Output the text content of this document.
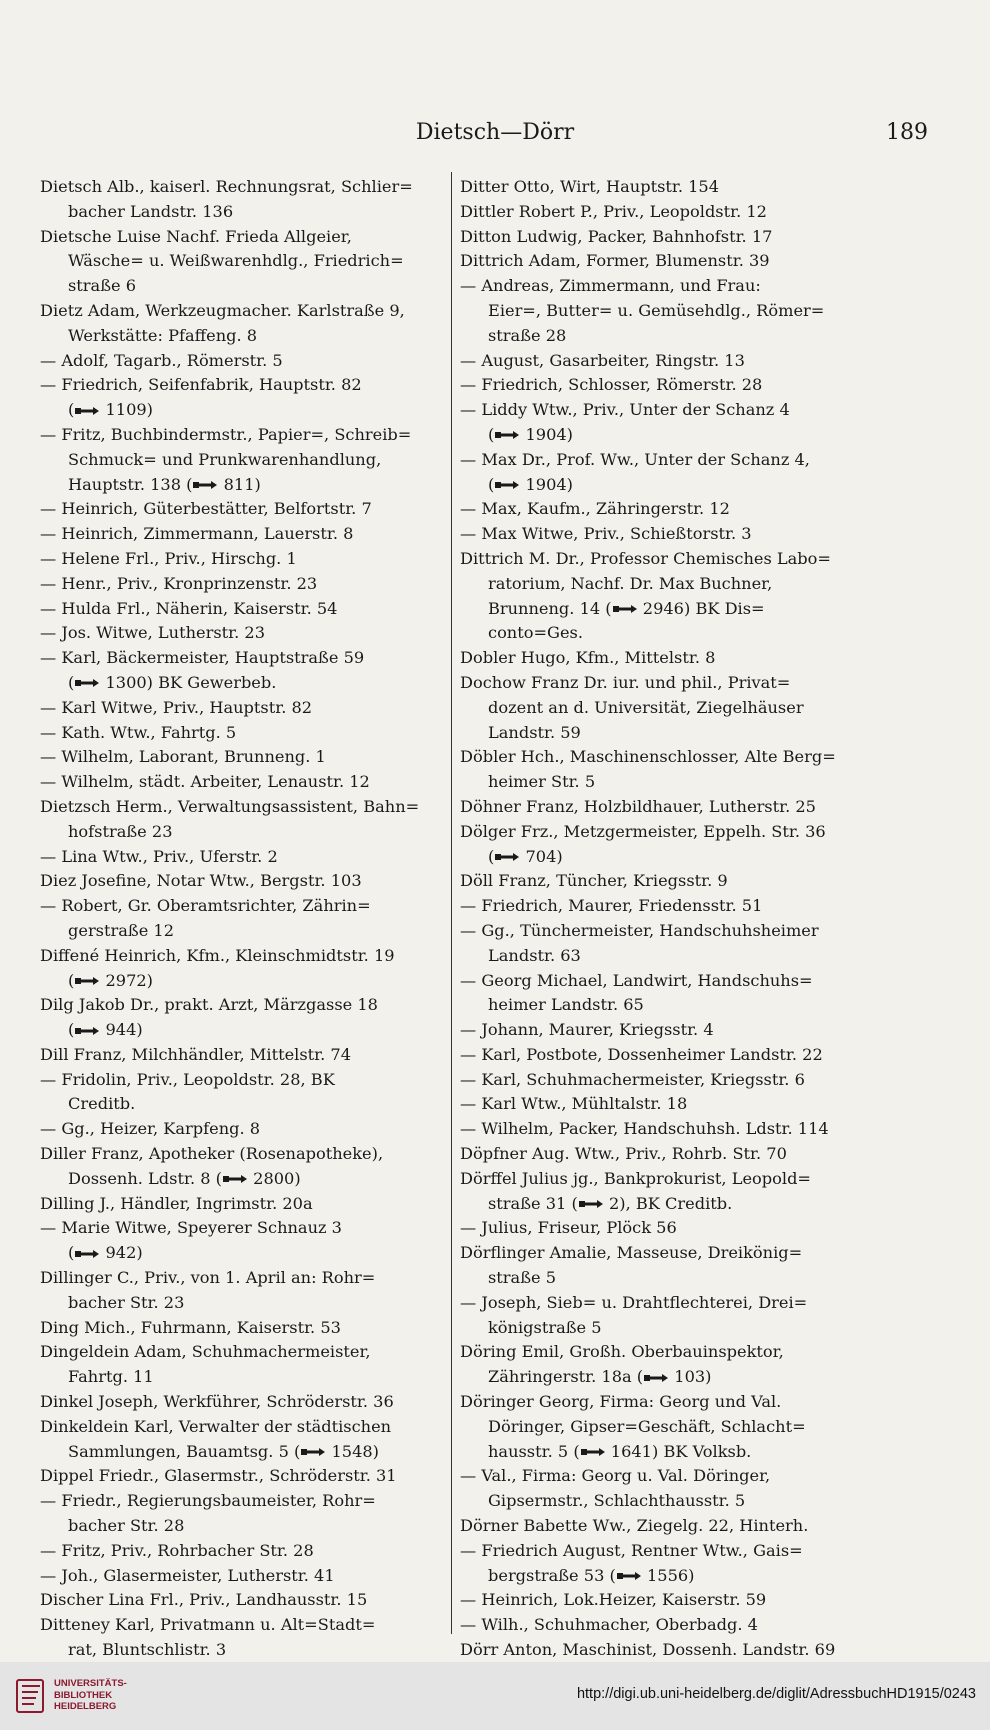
Dietsch—Dörr	189
Dietsch Alb., kaiserl. Rechnungsrat, Schlier=
bacher Landstr. 136
Dietsche Luise Nachf. Frieda Allgeier,
Wäsche= u. Weißwarenhdlg., Friedrich=
straße 6
Dietz Adam, Werkzeugmacher. Karlstraße 9,
Werkstätte: Pfaffeng. 8
— Adolf, Tagarb., Römerstr. 5
— Friedrich, Seifenfabrik, Hauptstr. 82
( 1109)
— Fritz, Buchbindermstr., Papier=, Schreib=
Schmuck= und Prunkwarenhandlung,
Hauptstr. 138 ( 811)
— Heinrich, Güterbestätter, Belfortstr. 7
— Heinrich, Zimmermann, Lauerstr. 8
— Helene Frl., Priv., Hirschg. 1
— Henr., Priv., Kronprinzenstr. 23
— Hulda Frl., Näherin, Kaiserstr. 54
— Jos. Witwe, Lutherstr. 23
— Karl, Bäckermeister, Hauptstraße 59
( 1300) BK Gewerbeb.
— Karl Witwe, Priv., Hauptstr. 82
— Kath. Wtw., Fahrtg. 5
— Wilhelm, Laborant, Brunneng. 1
— Wilhelm, städt. Arbeiter, Lenaustr. 12
Dietzsch Herm., Verwaltungsassistent, Bahn=
hofstraße 23
— Lina Wtw., Priv., Uferstr. 2
Diez Josefine, Notar Wtw., Bergstr. 103
— Robert, Gr. Oberamtsrichter, Zährin=
gerstraße 12
Diffené Heinrich, Kfm., Kleinschmidtstr. 19
( 2972)
Dilg Jakob Dr., prakt. Arzt, Märzgasse 18
( 944)
Dill Franz, Milchhändler, Mittelstr. 74
— Fridolin, Priv., Leopoldstr. 28, BK
Creditb.
— Gg., Heizer, Karpfeng. 8
Diller Franz, Apotheker (Rosenapotheke),
Dossenh. Ldstr. 8 ( 2800)
Dilling J., Händler, Ingrimstr. 20a
— Marie Witwe, Speyerer Schnauz 3
( 942)
Dillinger C., Priv., von 1. April an: Rohr=
bacher Str. 23
Ding Mich., Fuhrmann, Kaiserstr. 53
Dingeldein Adam, Schuhmachermeister,
Fahrtg. 11
Dinkel Joseph, Werkführer, Schröderstr. 36
Dinkeldein Karl, Verwalter der städtischen
Sammlungen, Bauamtsg. 5 ( 1548)
Dippel Friedr., Glasermstr., Schröderstr. 31
— Friedr., Regierungsbaumeister, Rohr=
bacher Str. 28
— Fritz, Priv., Rohrbacher Str. 28
— Joh., Glasermeister, Lutherstr. 41
Discher Lina Frl., Priv., Landhausstr. 15
Ditteney Karl, Privatmann u. Alt=Stadt=
rat, Bluntschlistr. 3
Ditter Otto, Wirt, Hauptstr. 154
Dittler Robert P., Priv., Leopoldstr. 12
Ditton Ludwig, Packer, Bahnhofstr. 17
Dittrich Adam, Former, Blumenstr. 39
— Andreas, Zimmermann, und Frau:
Eier=, Butter= u. Gemüsehdlg., Römer=
straße 28
— August, Gasarbeiter, Ringstr. 13
— Friedrich, Schlosser, Römerstr. 28
— Liddy Wtw., Priv., Unter der Schanz 4
( 1904)
— Max Dr., Prof. Ww., Unter der Schanz 4,
( 1904)
— Max, Kaufm., Zähringerstr. 12
— Max Witwe, Priv., Schießtorstr. 3
Dittrich M. Dr., Professor Chemisches Labo=
ratorium, Nachf. Dr. Max Buchner,
Brunneng. 14 ( 2946) BK Dis=
conto=Ges.
Dobler Hugo, Kfm., Mittelstr. 8
Dochow Franz Dr. iur. und phil., Privat=
dozent an d. Universität, Ziegelhäuser
Landstr. 59
Döbler Hch., Maschinenschlosser, Alte Berg=
heimer Str. 5
Döhner Franz, Holzbildhauer, Lutherstr. 25
Dölger Frz., Metzgermeister, Eppelh. Str. 36
( 704)
Döll Franz, Tüncher, Kriegsstr. 9
— Friedrich, Maurer, Friedensstr. 51
— Gg., Tünchermeister, Handschuhsheimer
Landstr. 63
— Georg Michael, Landwirt, Handschuhs=
heimer Landstr. 65
— Johann, Maurer, Kriegsstr. 4
— Karl, Postbote, Dossenheimer Landstr. 22
— Karl, Schuhmachermeister, Kriegsstr. 6
— Karl Wtw., Mühltalstr. 18
— Wilhelm, Packer, Handschuhsh. Ldstr. 114
Döpfner Aug. Wtw., Priv., Rohrb. Str. 70
Dörffel Julius jg., Bankprokurist, Leopold=
straße 31 ( 2), BK Creditb.
— Julius, Friseur, Plöck 56
Dörflinger Amalie, Masseuse, Dreikönig=
straße 5
— Joseph, Sieb= u. Drahtflechterei, Drei=
königstraße 5
Döring Emil, Großh. Oberbauinspektor,
Zähringerstr. 18a ( 103)
Döringer Georg, Firma: Georg und Val.
Döringer, Gipser=Geschäft, Schlacht=
hausstr. 5 ( 1641) BK Volksb.
— Val., Firma: Georg u. Val. Döringer,
Gipsermstr., Schlachthausstr. 5
Dörner Babette Ww., Ziegelg. 22, Hinterh.
— Friedrich August, Rentner Wtw., Gais=
bergstraße 53 ( 1556)
— Heinrich, Lok.Heizer, Kaiserstr. 59
— Wilh., Schuhmacher, Oberbadg. 4
Dörr Anton, Maschinist, Dossenh. Landstr. 69
UNIVERSITÄTS-
BIBLIOTHEK
HEIDELBERG
http://digi.ub.uni-heidelberg.de/diglit/AdressbuchHD1915/0243
